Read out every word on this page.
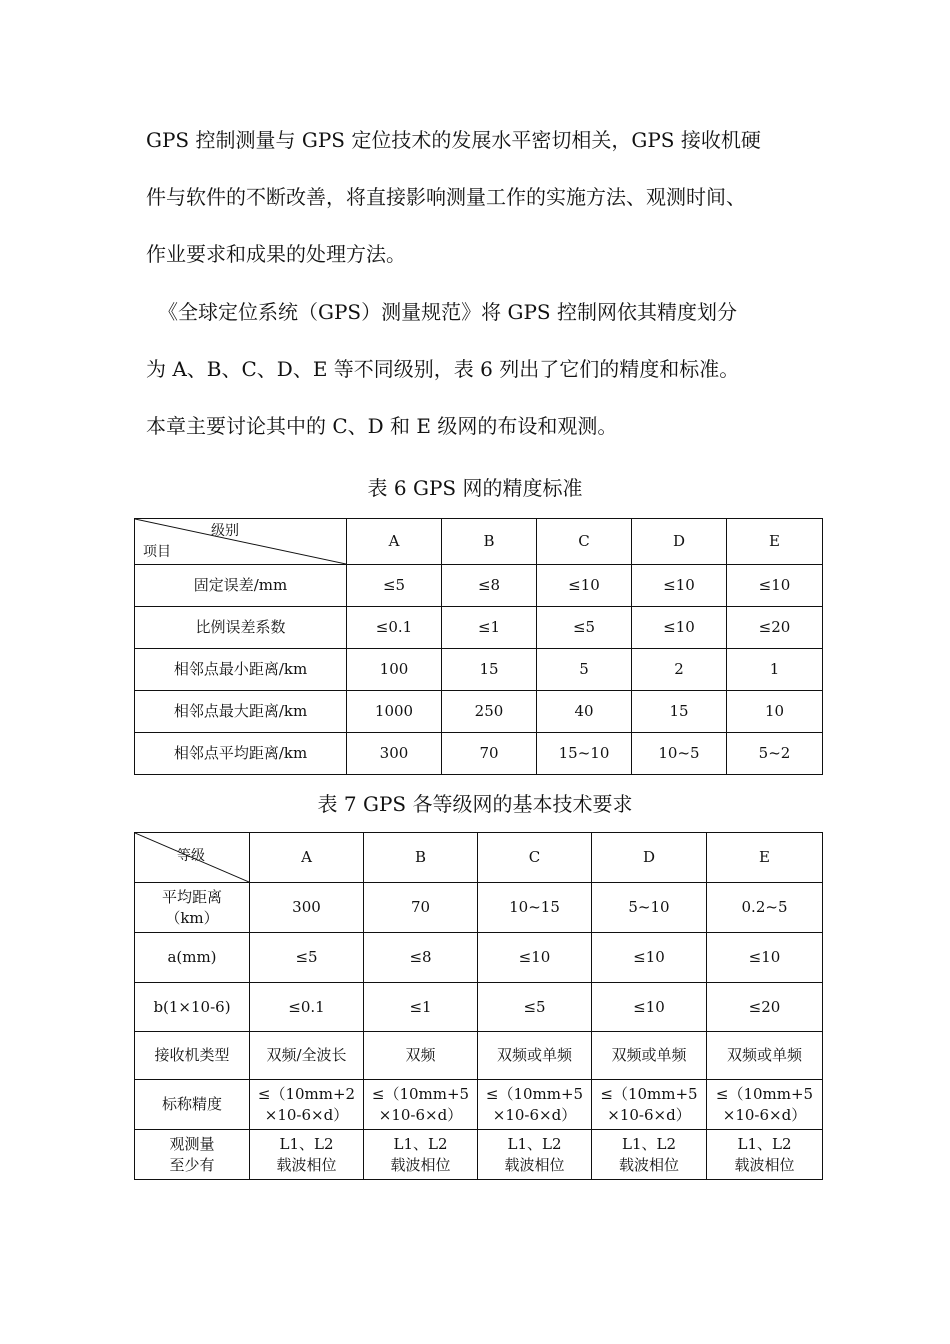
GPS 控制测量与 GPS 定位技术的发展水平密切相关，GPS 接收机硬
件与软件的不断改善，将直接影响测量工作的实施方法、观测时间、
作业要求和成果的处理方法。
《全球定位系统（GPS）测量规范》将 GPS 控制网依其精度划分
为 A、B、C、D、E 等不同级别，表 6 列出了它们的精度和标准。
本章主要讨论其中的 C、D 和 E 级网的布设和观测。

表 6 GPS 网的精度标准

级别
项目	A	B	C	D	E
固定误差/mm	≤5	≤8	≤10	≤10	≤10
比例误差系数	≤0.1	≤1	≤5	≤10	≤20
相邻点最小距离/km	100	15	5	2	1
相邻点最大距离/km	1000	250	40	15	10
相邻点平均距离/km	300	70	15~10	10~5	5~2

表 7 GPS 各等级网的基本技术要求

等级	A	B	C	D	E

平均距离
（km）	300	70	10~15	5~10	0.2~5
a(mm)	≤5	≤8	≤10	≤10	≤10
b(1×10-6)	≤0.1	≤1	≤5	≤10	≤20
接收机类型	双频/全波长	双频	双频或单频	双频或单频	双频或单频
标称精度	≤（10mm+2
×10-6×d）	≤（10mm+5
×10-6×d）	≤（10mm+5
×10-6×d）	≤（10mm+5
×10-6×d）	≤（10mm+5
×10-6×d）

观测量
至少有	L1、L2
载波相位	L1、L2
载波相位	L1、L2
载波相位	L1、L2
载波相位	L1、L2
载波相位
